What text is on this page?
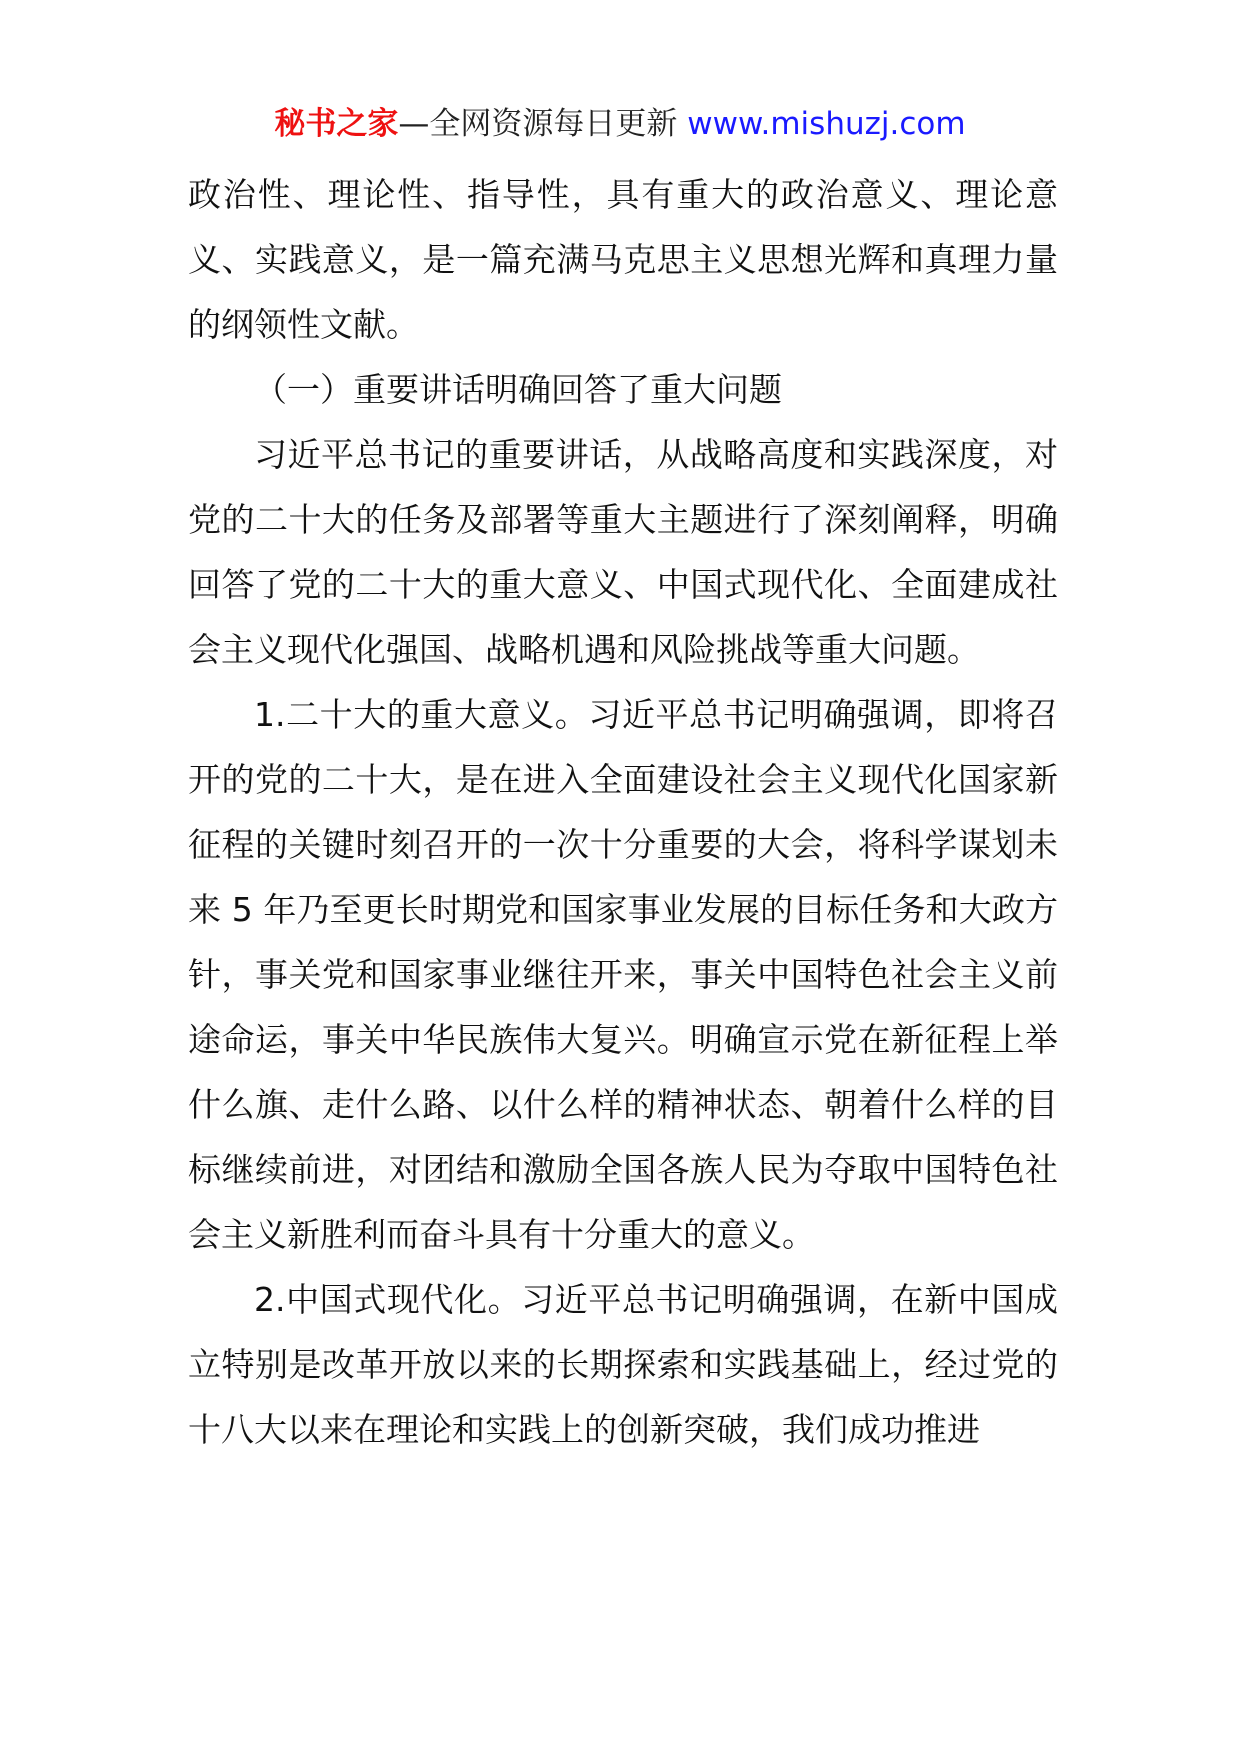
秘书之家—全网资源每日更新 www.mishuzj.com

政治性、理论性、指导性，具有重大的政治意义、理论意义、实践意义，是一篇充满马克思主义思想光辉和真理力量的纲领性文献。

（一）重要讲话明确回答了重大问题

习近平总书记的重要讲话，从战略高度和实践深度，对党的二十大的任务及部署等重大主题进行了深刻阐释，明确回答了党的二十大的重大意义、中国式现代化、全面建成社会主义现代化强国、战略机遇和风险挑战等重大问题。

1.二十大的重大意义。习近平总书记明确强调，即将召开的党的二十大，是在进入全面建设社会主义现代化国家新征程的关键时刻召开的一次十分重要的大会，将科学谋划未来 5 年乃至更长时期党和国家事业发展的目标任务和大政方针，事关党和国家事业继往开来，事关中国特色社会主义前途命运，事关中华民族伟大复兴。明确宣示党在新征程上举什么旗、走什么路、以什么样的精神状态、朝着什么样的目标继续前进，对团结和激励全国各族人民为夺取中国特色社会主义新胜利而奋斗具有十分重大的意义。

2.中国式现代化。习近平总书记明确强调，在新中国成立特别是改革开放以来的长期探索和实践基础上，经过党的十八大以来在理论和实践上的创新突破，我们成功推进
